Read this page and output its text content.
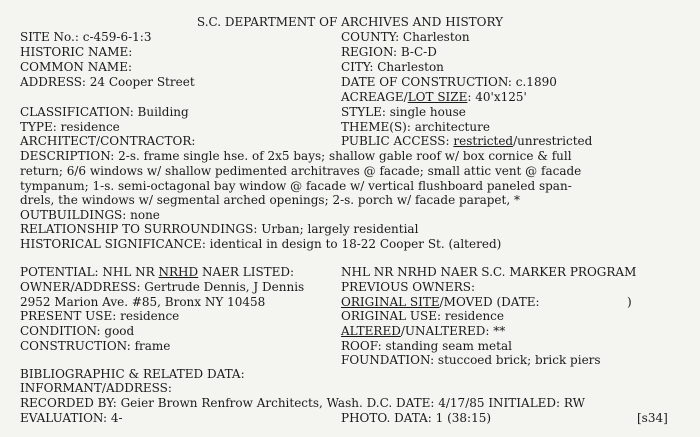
S.C. DEPARTMENT OF ARCHIVES AND HISTORY
SITE No.: c-459-6-1:3
HISTORIC NAME:
COMMON NAME:
ADDRESS: 24 Cooper Street
CLASSIFICATION: Building
TYPE: residence
ARCHITECT/CONTRACTOR:
COUNTY: Charleston
REGION: B-C-D
CITY: Charleston
DATE OF CONSTRUCTION: c.1890
ACREAGE/LOT SIZE: 40'x125'
STYLE: single house
THEME(S): architecture
PUBLIC ACCESS: restricted/unrestricted
DESCRIPTION: 2-s. frame single hse. of 2x5 bays; shallow gable roof w/ box cornice & full
return; 6/6 windows w/ shallow pedimented architraves @ facade; small attic vent @ facade
tympanum; 1-s. semi-octagonal bay window @ facade w/ vertical flushboard paneled span-
drels, the windows w/ segmental arched openings; 2-s. porch w/ facade parapet, *
OUTBUILDINGS: none
RELATIONSHIP TO SURROUNDINGS: Urban; largely residential
HISTORICAL SIGNIFICANCE: identical in design to 18-22 Cooper St. (altered)
POTENTIAL: NHL NR NRHD NAER LISTED:
OWNER/ADDRESS: Gertrude Dennis, J Dennis
2952 Marion Ave. #85, Bronx NY 10458
PRESENT USE: residence
CONDITION: good
CONSTRUCTION: frame
BIBLIOGRAPHIC & RELATED DATA:
INFORMANT/ADDRESS:
EVALUATION: 4-
NHL NR NRHD NAER S.C. MARKER PROGRAM
PREVIOUS OWNERS:
ORIGINAL SITE/MOVED (DATE:	)
ORIGINAL USE: residence
ALTERED/UNALTERED: **
ROOF: standing seam metal
FOUNDATION: stuccoed brick; brick piers
RECORDED BY: Geier Brown Renfrow Architects, Wash. D.C. DATE: 4/17/85 INITIALED: RW
PHOTO. DATA: 1 (38:15)	[s34]
